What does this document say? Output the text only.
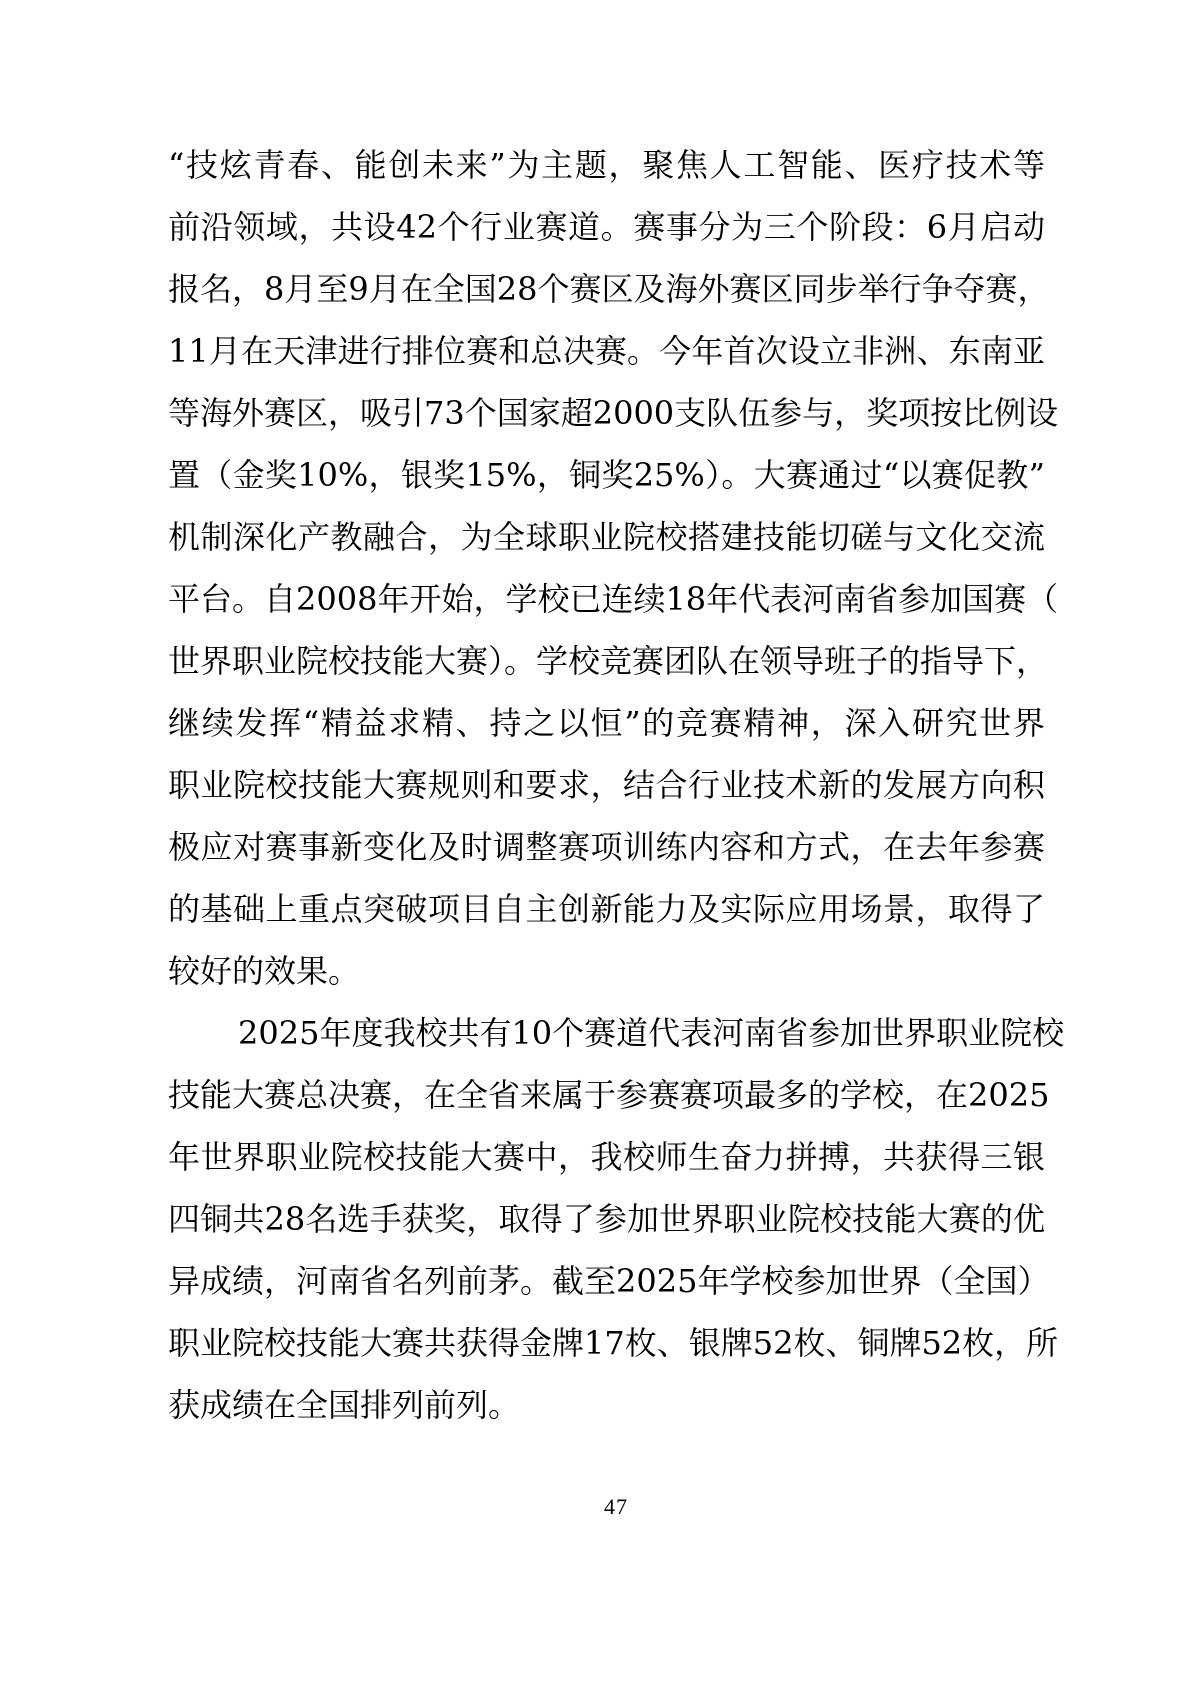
“技炫青春、能创未来”为主题，聚焦人工智能、医疗技术等
前沿领域，共设42个行业赛道。赛事分为三个阶段：6月启动
报名，8月至9月在全国28个赛区及海外赛区同步举行争夺赛，
11月在天津进行排位赛和总决赛。今年首次设立非洲、东南亚
等海外赛区，吸引73个国家超2000支队伍参与，奖项按比例设
置（金奖10%，银奖15%，铜奖25%）。大赛通过“以赛促教”
机制深化产教融合，为全球职业院校搭建技能切磋与文化交流
平台。自2008年开始，学校已连续18年代表河南省参加国赛（
世界职业院校技能大赛）。学校竞赛团队在领导班子的指导下，
继续发挥“精益求精、持之以恒”的竞赛精神，深入研究世界
职业院校技能大赛规则和要求，结合行业技术新的发展方向积
极应对赛事新变化及时调整赛项训练内容和方式，在去年参赛
的基础上重点突破项目自主创新能力及实际应用场景，取得了
较好的效果。
2025年度我校共有10个赛道代表河南省参加世界职业院校
技能大赛总决赛，在全省来属于参赛赛项最多的学校，在2025
年世界职业院校技能大赛中，我校师生奋力拼搏，共获得三银
四铜共28名选手获奖，取得了参加世界职业院校技能大赛的优
异成绩，河南省名列前茅。截至2025年学校参加世界（全国）
职业院校技能大赛共获得金牌17枚、银牌52枚、铜牌52枚，所
获成绩在全国排列前列。
47
